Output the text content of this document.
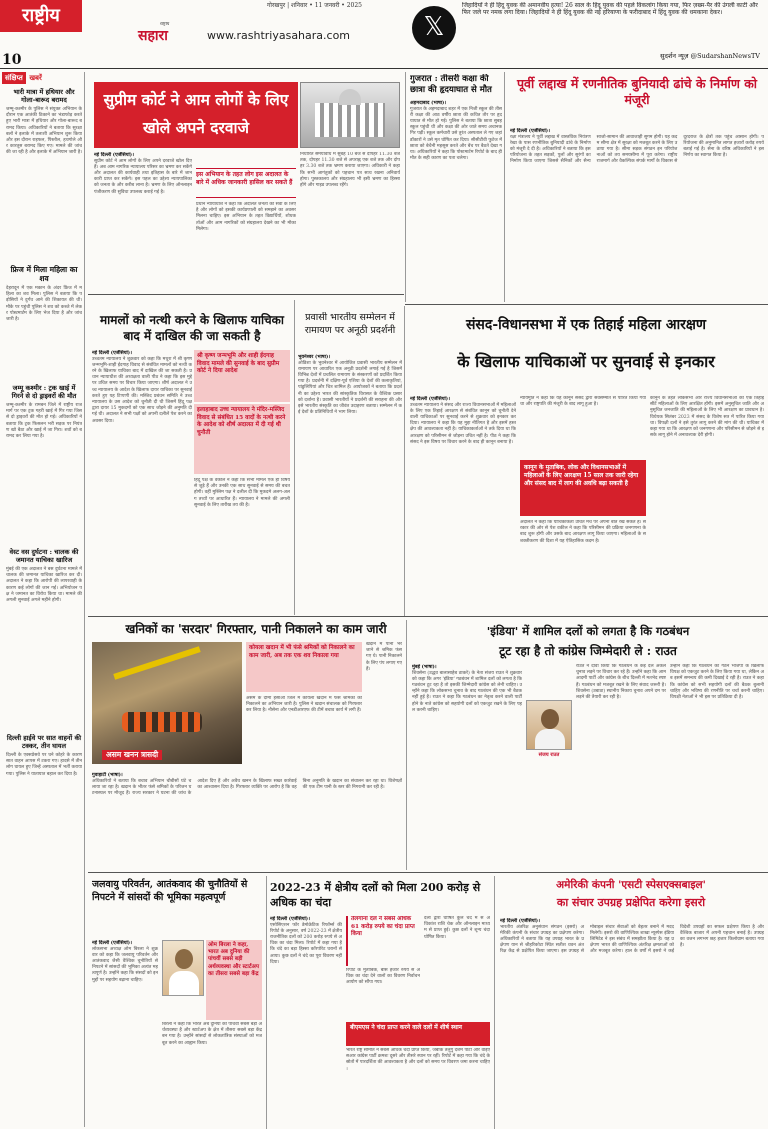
राष्ट्रीय
10
गोरखपुर | शनिवार • 11 जनवरी • 2025
राष्ट्रीय
सहारा	www.rashtriyasahara.com	𝕏
जिहादियों ने ही हिंदू युवक की अमानवीय हत्या! 26 साल के हिंदू युवक की पहले विकलांग किया गया, फिर ज़ख्म-पैर की उंगली काटी और फिर जले पर नमक लगा दिया। जिहादियों ने ही हिंदू युवक की नई हरियाणा के फरीदाबाद में हिंदू युवक की धमकाना देकर।
सुदर्शन न्यूज़ @SudarshanNewsTV
संक्षिप्त खबरें
भारी मात्रा में हथियार और गोला-बारूद बरामद
जम्मू-कश्मीर के पुलिस ने संयुक्त अभियान के दौरान एक आतंकी ठिकाने का भंडाफोड़ करते हुए भारी मात्रा में हथियार और गोला-बारूद बरामद किया। अधिकारियों ने बताया कि सुरक्षा बलों ने इलाके में तलाशी अभियान शुरू किया और इस दौरान राइफल, पिस्तौल, हथगोले और कारतूस बरामद किए गए। मामले की जांच की जा रही है और इलाके में अभियान जारी है।
फ्रिज में मिला महिला का शव
देहरादून में एक मकान के अंदर फ्रिज में महिला का शव मिला। पुलिस ने बताया कि पड़ोसियों ने दुर्गंध आने की शिकायत की थी। मौके पर पहुंची पुलिस ने शव को कब्जे में लेकर पोस्टमार्टम के लिए भेज दिया है और जांच जारी है।
जम्मू कश्मीर : ट्रक खाई में गिरने से दो ड्राइवरों की मौत
जम्मू-कश्मीर के रामबन जिले में राष्ट्रीय राजमार्ग पर एक ट्रक गहरी खाई में गिर गया जिससे दो ड्राइवरों की मौत हो गई। अधिकारियों ने बताया कि ट्रक फिसलन भरी सड़क पर नियंत्रण खो बैठा और खाई में जा गिरा। शवों को बरामद कर लिया गया है।
वेस्ट वस दुर्घटना : चालक की जमानत याचिका खारिज
मुंबई की एक अदालत ने बस दुर्घटना मामले में चालक की जमानत याचिका खारिज कर दी। अदालत ने कहा कि आरोपी की लापरवाही के कारण कई लोगों की जान गई। अभियोजन पक्ष ने जमानत का विरोध किया था। मामले की अगली सुनवाई अगले महीने होगी।
दिल्ली हाईवे पर सात वाहनों की टक्कर, तीन घायल
दिल्ली के एक्सप्रेसवे पर घने कोहरे के कारण सात वाहन आपस में टकरा गए। हादसे में तीन लोग घायल हुए जिन्हें अस्पताल में भर्ती कराया गया। पुलिस ने यातायात बहाल कर दिया है।
सुप्रीम कोर्ट ने आम लोगों के लिए खोले अपने दरवाजे
नई दिल्ली (एजेंसियां)।
सुप्रीम कोर्ट ने आम लोगों के लिए अपने दरवाजे खोल दिए हैं। अब आम नागरिक न्यायालय परिसर का भ्रमण कर सकेंगे और अदालत की कार्यवाही तथा इतिहास के बारे में जानकारी प्राप्त कर सकेंगे। इस पहल का उद्देश्य न्यायपालिका को जनता के और करीब लाना है। भ्रमण के लिए ऑनलाइन पंजीकरण की सुविधा उपलब्ध कराई गई है।
इस अभियान के तहत लोग इस अदालत के बारे में अधिक जानकारी हासिल कर सकते हैं
प्रधान न्यायाधीश ने कहा कि अदालत जनता की सेवा के लिए है और लोगों को इसकी कार्यप्रणाली को समझने का अवसर मिलना चाहिए। इस अभियान के तहत विद्यार्थियों, शोधकर्ताओं और आम नागरिकों को संग्रहालय देखने का भी मौका मिलेगा।
निर्धारित समयावधि में सुबह 10 बजे से दोपहर 11.30 बजे तक, दोपहर 11.30 बजे से अपराह्न एक बजे तक और दोपहर 3.30 बजे तक भ्रमण कराया जाएगा। अधिकारी ने कहा कि सभी आगंतुकों को पहचान पत्र साथ रखना अनिवार्य होगा। पुस्तकालय और संग्रहालय भी इसी भ्रमण का हिस्सा होंगे और गाइड उपलब्ध रहेंगे।
गुजरात : तीसरी कक्षा की छात्रा की हृदयाघात से मौत
अहमदाबाद (भाषा)।
गुजरात के अहमदाबाद शहर में एक निजी स्कूल की तीसरी कक्षा की आठ वर्षीय छात्रा की कथित तौर पर हृदयाघात से मौत हो गई। पुलिस ने बताया कि छात्रा सुबह स्कूल पहुंची थी और कक्षा की ओर जाते समय अचानक गिर पड़ी। स्कूल कर्मचारी उसे तुरंत अस्पताल ले गए जहां डॉक्टरों ने उसे मृत घोषित कर दिया। सीसीटीवी फुटेज में छात्रा को बेचैनी महसूस करते और बेंच पर बैठते देखा गया। अधिकारियों ने कहा कि पोस्टमार्टम रिपोर्ट के बाद ही मौत के सही कारण का पता चलेगा।
पूर्वी लद्दाख में रणनीतिक बुनियादी ढांचे के निर्माण को मंजूरी
नई दिल्ली (एजेंसियां)।
रक्षा मंत्रालय ने पूर्वी लद्दाख में वास्तविक नियंत्रण रेखा के पास रणनीतिक बुनियादी ढांचे के निर्माण को मंजूरी दे दी है। अधिकारियों ने बताया कि इस परियोजना के तहत सड़कों, पुलों और सुरंगों का निर्माण किया जाएगा जिससे सैनिकों और सैन्य साजो-सामान की आवाजाही सुगम होगी। यह कदम सीमा क्षेत्र में सुरक्षा को मजबूत करने के लिए उठाया गया है। सीमा सड़क संगठन इन परियोजनाओं को तय समयसीमा में पूरा करेगा। राष्ट्रीय राजमार्ग और वैकल्पिक संपर्क मार्गों के विकास से दूरदराज के क्षेत्रों तक पहुंच आसान होगी। परियोजना की अनुमानित लागत हजारों करोड़ रुपये बताई गई है। सेना के वरिष्ठ अधिकारियों ने इस निर्णय का स्वागत किया है।
मामलों को नत्थी करने के खिलाफ याचिका बाद में दाखिल की जा सकती है
नई दिल्ली (एजेंसियां)।
उच्चतम न्यायालय ने शुक्रवार को कहा कि मथुरा में श्री कृष्ण जन्मभूमि-शाही ईदगाह विवाद से संबंधित मामलों को नत्थी करने के खिलाफ याचिका बाद में दाखिल की जा सकती है। प्रधान न्यायाधीश की अध्यक्षता वाली पीठ ने कहा कि इस मुद्दे पर उचित समय पर विचार किया जाएगा। शीर्ष अदालत ने उच्च न्यायालय के आदेश के खिलाफ दायर याचिका पर सुनवाई करते हुए यह टिप्पणी की। मस्जिद प्रबंधन समिति ने उच्च न्यायालय के उस आदेश को चुनौती दी थी जिसमें हिंदू पक्ष द्वारा दायर 15 मुकदमों को एक साथ जोड़ने की अनुमति दी गई थी। अदालत ने सभी पक्षों को अपनी दलीलें पेश करने का अवसर दिया।
श्री कृष्ण जन्मभूमि और शाही ईदगाह विवाद मामले की सुनवाई के बाद सुप्रीम कोर्ट ने दिया आदेश
इलाहाबाद उच्च न्यायालय ने मंदिर-मस्जिद विवाद से संबंधित 15 वादों के नत्थी करने के आदेश को शीर्ष अदालत में दी गई थी चुनौती
हिंदू पक्ष के वकील ने कहा कि सभी मामले एक ही विषय से जुड़े हैं और उनकी एक साथ सुनवाई से समय की बचत होगी। वहीं मुस्लिम पक्ष ने दलील दी कि मुकदमे अलग-अलग तथ्यों पर आधारित हैं। न्यायालय ने मामले की अगली सुनवाई के लिए तारीख तय की है।
प्रवासी भारतीय सम्मेलन में रामायण पर अनूठी प्रदर्शनी
भुवनेश्वर (भाषा)।
ओडिशा के भुवनेश्वर में आयोजित प्रवासी भारतीय सम्मेलन में रामायण पर आधारित एक अनूठी प्रदर्शनी लगाई गई है जिसमें विभिन्न देशों में प्रचलित रामायण के संस्करणों को प्रदर्शित किया गया है। प्रदर्शनी में दक्षिण-पूर्व एशिया के देशों की कलाकृतियां, पांडुलिपियां और चित्र शामिल हैं। आयोजकों ने बताया कि प्रदर्शनी का उद्देश्य भारत की सांस्कृतिक विरासत के वैश्विक प्रसार को दर्शाना है। प्रवासी भारतीयों ने प्रदर्शनी की सराहना की और इसे भारतीय संस्कृति का जीवंत उदाहरण बताया। सम्मेलन में कई देशों के प्रतिनिधियों ने भाग लिया।
संसद-विधानसभा में एक तिहाई महिला आरक्षण
के खिलाफ याचिकाओं पर सुनवाई से इनकार
नई दिल्ली (एजेंसियां)।
उच्चतम न्यायालय ने संसद और राज्य विधानसभाओं में महिलाओं के लिए एक तिहाई आरक्षण से संबंधित कानून को चुनौती देने वाली याचिकाओं पर सुनवाई करने से शुक्रवार को इनकार कर दिया। न्यायालय ने कहा कि यह मुद्दा नीतिगत है और इसमें हस्तक्षेप की आवश्यकता नहीं है। याचिकाकर्ताओं ने तर्क दिया था कि आरक्षण को परिसीमन से जोड़ना उचित नहीं है। पीठ ने कहा कि संसद ने इस विषय पर विचार करने के बाद ही कानून बनाया है।
न्यायमूर्ति ने कहा कि यह कानून संसद द्वारा सर्वसम्मति से पारित किया गया था और राष्ट्रपति की मंजूरी के बाद लागू हुआ है।
कानून के मुताबिक, लोक और विधानसभाओं में महिलाओं के लिए आरक्षण 15 साल तक जारी रहेगा और संसद बाद में लाग की अवधि बढ़ा सकती है
अदालत ने कहा कि याचिकाकर्ता उचित मंच पर अपनी बात रख सकते हैं। सरकार की ओर से पेश वकील ने कहा कि परिसीमन की प्रक्रिया जनगणना के बाद शुरू होगी और उसके बाद आरक्षण लागू किया जाएगा। महिलाओं के सशक्तीकरण की दिशा में यह ऐतिहासिक कदम है।
कानून के तहत लोकसभा और राज्य विधानसभाओं की एक तिहाई सीटें महिलाओं के लिए आरक्षित होंगी। इसमें अनुसूचित जाति और अनुसूचित जनजाति की महिलाओं के लिए भी आरक्षण का प्रावधान है। विधेयक सितंबर 2023 में संसद के विशेष सत्र में पारित किया गया था। विपक्षी दलों ने इसे तुरंत लागू करने की मांग की थी। याचिका में कहा गया था कि आरक्षण को जनगणना और परिसीमन से जोड़ने से इसके लागू होने में अनावश्यक देरी होगी।
खनिकों का 'सरदार' गिरफ्तार, पानी निकालने का काम जारी
असम खनन त्रासदी
कोयला खदान में भी फंसे श्रमिकों को निकालने का काम जारी, अब तक एक शव निकाला गया
असम के दीमा हसाओ जिले में कोयला खदान में फंसे श्रमिकों को निकालने का अभियान जारी है। पुलिस ने खदान संचालक को गिरफ्तार कर लिया है। नौसेना और एनडीआरएफ की टीमें बचाव कार्य में लगी हैं।
खदान में पानी भर जाने से श्रमिक फंस गए थे। पानी निकालने के लिए पंप लगाए गए हैं।
गुवाहाटी (भाषा)।
अधिकारियों ने बताया कि बचाव अभियान चौबीसों घंटे चलाया जा रहा है। खदान के भीतर फंसे श्रमिकों के परिजन घटनास्थल पर मौजूद हैं। राज्य सरकार ने घटना की जांच के आदेश दिए हैं और अवैध खनन के खिलाफ सख्त कार्रवाई का आश्वासन दिया है। गिरफ्तार व्यक्ति पर आरोप है कि वह बिना अनुमति के खदान का संचालन कर रहा था। विशेषज्ञों की एक टीम पानी के स्तर की निगरानी कर रही है।
'इंडिया' में शामिल दलों को लगता है कि गठबंधन
टूट रहा है तो कांग्रेस जिम्मेदारी ले : राउत
मुंबई (भाषा)।
शिवसेना (उद्धव बालासाहेब ठाकरे) के नेता संजय राउत ने शुक्रवार को कहा कि अगर 'इंडिया' गठबंधन में शामिल दलों को लगता है कि गठबंधन टूट रहा है तो इसकी जिम्मेदारी कांग्रेस को लेनी चाहिए। उन्होंने कहा कि लोकसभा चुनाव के बाद गठबंधन की एक भी बैठक नहीं हुई है। राउत ने कहा कि गठबंधन का नेतृत्व करने वाली पार्टी होने के नाते कांग्रेस को सहयोगी दलों को एकजुट रखने के लिए पहल करनी चाहिए।
संजय राउत
राउत ने दावा किया कि गठबंधन के कई दल अकेले चुनाव लड़ने पर विचार कर रहे हैं। उन्होंने कहा कि आम आदमी पार्टी और कांग्रेस के बीच दिल्ली में मतभेद स्पष्ट हैं। गठबंधन को मजबूत रखने के लिए संवाद जरूरी है। शिवसेना (उबाठा) स्थानीय निकाय चुनाव अपने दम पर लड़ने की तैयारी कर रही है।
उन्होंने कहा कि गठबंधन का गठन भाजपा के खिलाफ विपक्ष को एकजुट करने के लिए किया गया था, लेकिन अब इसमें समन्वय की कमी दिखाई दे रही है। राउत ने कहा कि कांग्रेस को सभी सहयोगी दलों की बैठक बुलानी चाहिए और भविष्य की रणनीति पर चर्चा करनी चाहिए। विपक्षी नेताओं ने भी इस पर प्रतिक्रिया दी है।
जलवायु परिवर्तन, आतंकवाद की चुनौतियों से निपटने में सांसदों की भूमिका महत्वपूर्ण
नई दिल्ली (एजेंसियां)।
लोकसभा अध्यक्ष ओम बिरला ने शुक्रवार को कहा कि जलवायु परिवर्तन और आतंकवाद जैसी वैश्विक चुनौतियों से निपटने में सांसदों की भूमिका अत्यंत महत्वपूर्ण है। उन्होंने कहा कि संसदों को इन मुद्दों पर सहयोग बढ़ाना चाहिए।
ओम बिरला ने कहा, भारत अब दुनिया की पांचवीं सबसे बड़ी अर्थव्यवस्था और स्टार्टअप का तीसरा सबसे बड़ा केंद्र
बिरला ने कहा कि भारत अब दुनिया की पांचवीं सबसे बड़ी अर्थव्यवस्था है और स्टार्टअप के क्षेत्र में तीसरा सबसे बड़ा केंद्र बन गया है। उन्होंने सांसदों से लोकतांत्रिक संस्थाओं को मजबूत करने का आह्वान किया।
2022-23 में क्षेत्रीय दलों को मिला 200 करोड़ से अधिक का चंदा
नई दिल्ली (एजेंसियां)।
एसोसिएशन फॉर डेमोक्रेटिक रिफॉर्म्स की रिपोर्ट के अनुसार, वर्ष 2022-23 में क्षेत्रीय राजनीतिक दलों को 200 करोड़ रुपये से अधिक का चंदा मिला। रिपोर्ट में कहा गया है कि चंदे का बड़ा हिस्सा कॉरपोरेट घरानों से आया। कुछ दलों ने चंदे का पूरा विवरण नहीं दिया।
तेलंगाना दल ने सबसे अधिक 61 करोड़ रुपये का चंदा प्राप्त किया
रिपोर्ट के मुताबिक, बीस हजार रुपये से अधिक का चंदा देने वालों का विवरण निर्वाचन आयोग को सौंपा गया।
बीएमएस ने चंदा प्राप्त करने वाले दलों में शीर्ष स्थान
भारत राष्ट्र समिति ने सबसे अधिक चंदा प्राप्त किया, जबकि तेलुगु देशम पार्टी और वाईएसआर कांग्रेस पार्टी क्रमशः दूसरे और तीसरे स्थान पर रहीं। रिपोर्ट में कहा गया कि चंदे के स्रोतों में पारदर्शिता की आवश्यकता है और दलों को समय पर विवरण जमा करना चाहिए।
दलों द्वारा घोषित कुल चंदे में से अधिकांश राशि चेक और ऑनलाइन माध्यम से प्राप्त हुई। कुछ दलों ने शून्य चंदा घोषित किया।
अमेरिकी कंपनी 'एसटी स्पेसएक्सबाइल'
का संचार उपग्रह प्रक्षेपित करेगा इसरो
नई दिल्ली (एजेंसियां)।
भारतीय अंतरिक्ष अनुसंधान संगठन (इसरो) अमेरिकी कंपनी के संचार उपग्रह का प्रक्षेपण करेगा। अधिकारियों ने बताया कि यह उपग्रह भारत के प्रक्षेपण यान से श्रीहरिकोटा स्थित सतीश धवन अंतरिक्ष केंद्र से प्रक्षेपित किया जाएगा। इस उपग्रह से मोबाइल संचार सेवाओं को बेहतर बनाने में मदद मिलेगी। इसरो की वाणिज्यिक शाखा न्यूस्पेस इंडिया लिमिटेड ने इस संबंध में समझौता किया है। यह प्रक्षेपण भारत की वाणिज्यिक अंतरिक्ष क्षमताओं को और मजबूत करेगा। हाल के वर्षों में इसरो ने कई विदेशी उपग्रहों का सफल प्रक्षेपण किया है और वैश्विक बाजार में अपनी पहचान बनाई है। उपग्रह का वजन लगभग छह हजार किलोग्राम बताया गया है।
